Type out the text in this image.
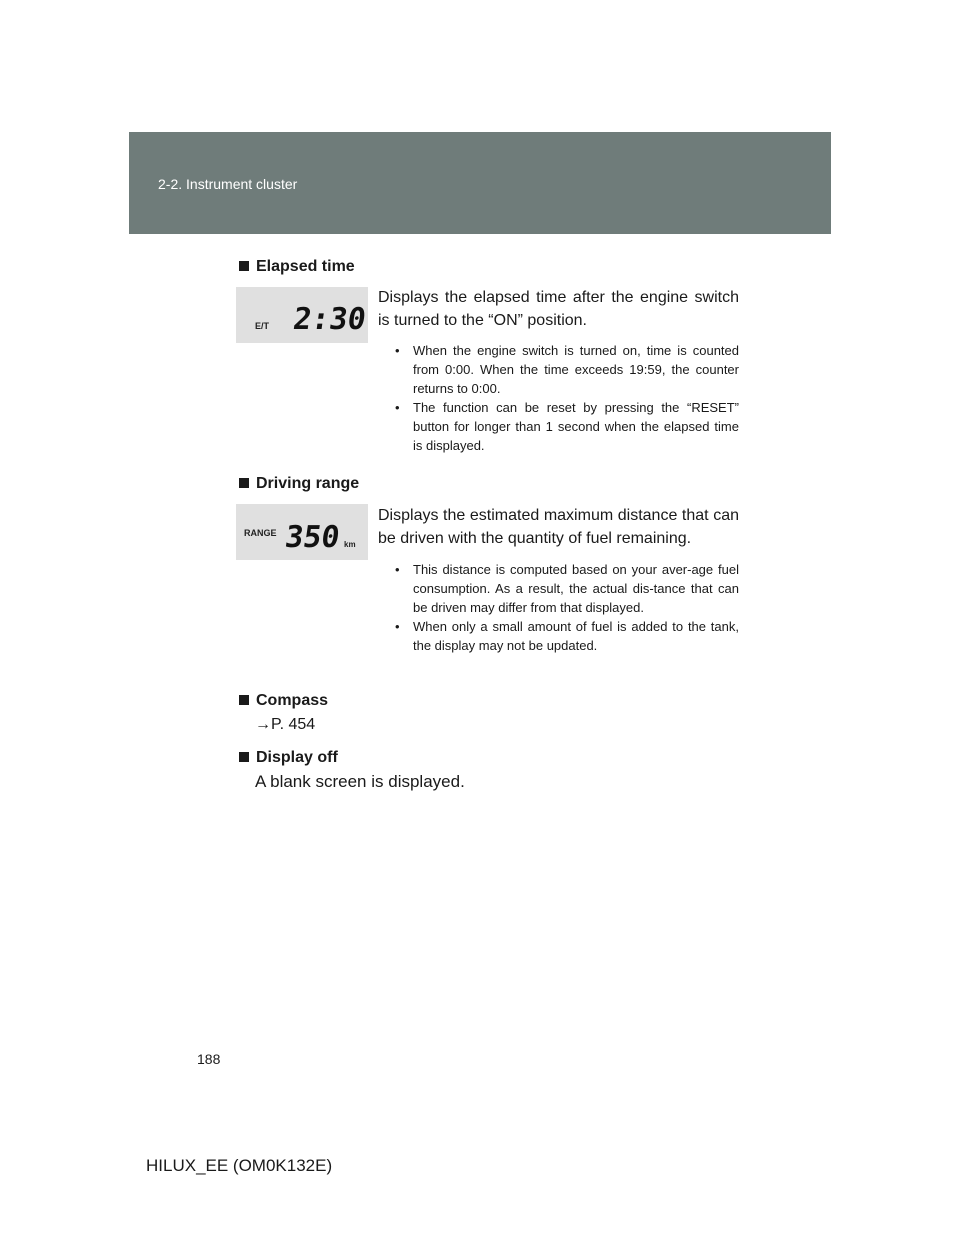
2-2. Instrument cluster
Elapsed time
E/T 2:30
Displays the elapsed time after the engine switch is turned to the “ON” position.
• When the engine switch is turned on, time is counted from 0:00. When the time exceeds 19:59, the counter returns to 0:00.
• The function can be reset by pressing the “RESET” button for longer than 1 second when the elapsed time is displayed.
Driving range
RANGE 350 km
Displays the estimated maximum distance that can be driven with the quantity of fuel remaining.
• This distance is computed based on your aver-age fuel consumption. As a result, the actual dis-tance that can be driven may differ from that displayed.
• When only a small amount of fuel is added to the tank, the display may not be updated.
Compass
→P. 454
Display off
A blank screen is displayed.
188
HILUX_EE (OM0K132E)
